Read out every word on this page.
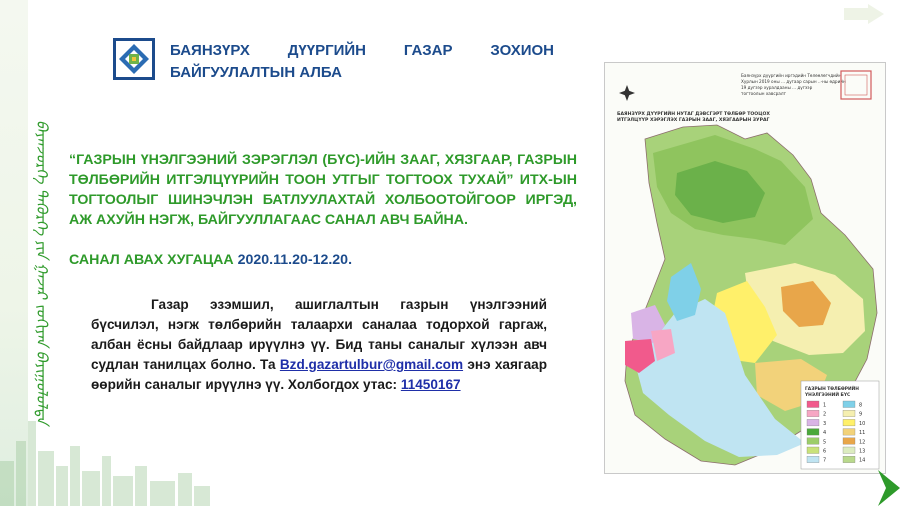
ᠪᠠᠶᠠᠨᠵᠦᠷᠬᠡ ᠳᠡᠭᠦᠷᠭᠡ ᠶᠢᠨ ᠭᠠᠵᠠᠷ ᠵᠣᠬᠢᠶᠠᠨ ᠪᠠᠶᠢᠭᠤᠯᠤᠯᠲᠠ
БАЯНЗҮРХ ДҮҮРГИЙН ГАЗАР ЗОХИОН БАЙГУУЛАЛТЫН АЛБА
“ГАЗРЫН ҮНЭЛГЭЭНИЙ ЗЭРЭГЛЭЛ (БҮС)-ИЙН ЗААГ, ХЯЗГААР, ГАЗРЫН ТӨЛБӨРИЙН ИТГЭЛЦҮҮРИЙН ТООН УТГЫГ ТОГТООХ ТУХАЙ” ИТХ-ЫН ТОГТООЛЫГ ШИНЭЧЛЭН БАТЛУУЛАХТАЙ ХОЛБООТОЙГООР ИРГЭД, АЖ АХУЙН НЭГЖ, БАЙГУУЛЛАГААС САНАЛ АВЧ БАЙНА.
САНАЛ АВАХ ХУГАЦАА 2020.11.20-12.20.
Газар эзэмшил, ашиглалтын газрын үнэлгээний бүсчилэл, нэгж төлбөрийн талаархи саналаа тодорхой гаргаж, албан ёсны байдлаар ирүүлнэ үү. Бид таны саналыг хүлээн авч судлан танилцах болно. Та Bzd.gazartulbur@gmail.com энэ хаягаар өөрийн саналыг ирүүлнэ үү. Холбогдох утас: 11450167
Баянзүрх дүүргийн иргэдийн Төлөөлөгчдийн
Хурлын 2019 оны ... дугаар сарын ..-ны өдрийн
19 дүгээр хуралдааны ... дүгээр
тогтоолын хавсралт
БАЯНЗҮРХ ДҮҮРГИЙН НУТАГ ДЭВСГЭРТ ТӨЛБӨР ТООЦОХ
ИТГЭЛЦҮҮР ХЭРЭГЛЭХ ГАЗРЫН ЗААГ, ХЯЗГААРЫН ЗУРАГ
ГАЗРЫН ТӨЛБӨРИЙН
ҮНЭЛГЭЭНИЙ БҮС
1
2
3
4
5
6
7
8
9
10
11
12
13
14
